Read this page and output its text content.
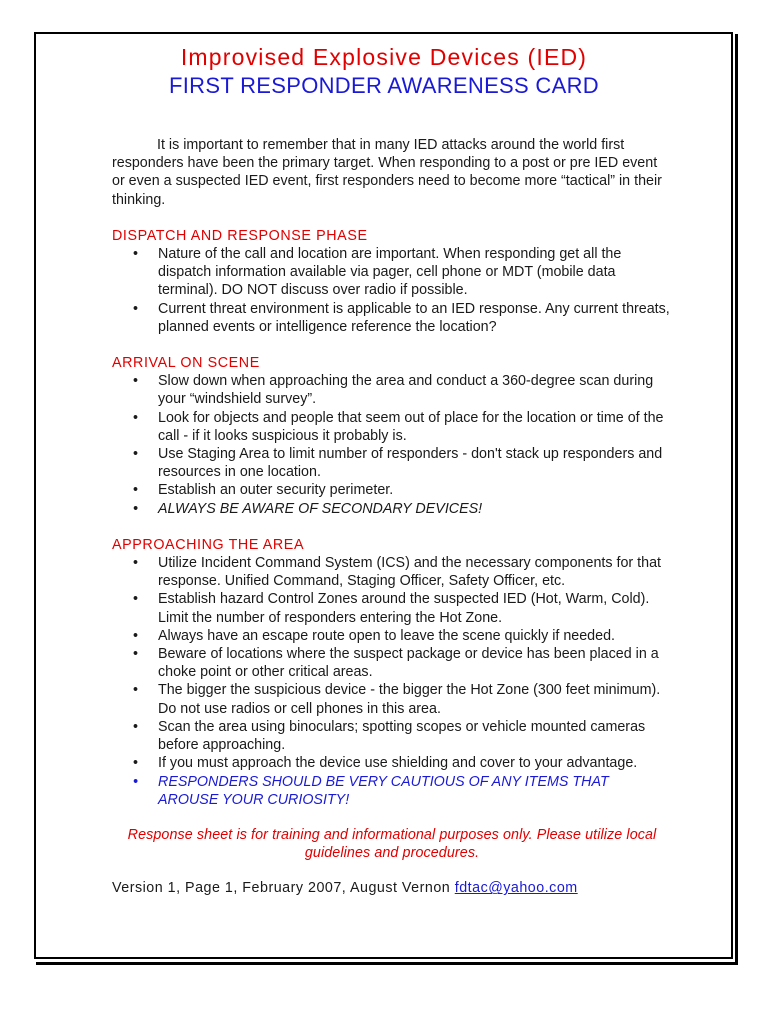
Improvised Explosive Devices (IED)
FIRST RESPONDER AWARENESS CARD

It is important to remember that in many IED attacks around the world first responders have been the primary target. When responding to a post or pre IED event or even a suspected IED event, first responders need to become more “tactical” in their thinking.

DISPATCH AND RESPONSE PHASE
• Nature of the call and location are important. When responding get all the dispatch information available via pager, cell phone or MDT (mobile data terminal). DO NOT discuss over radio if possible.
• Current threat environment is applicable to an IED response. Any current threats, planned events or intelligence reference the location?
ARRIVAL ON SCENE
• Slow down when approaching the area and conduct a 360-degree scan during your “windshield survey”.
• Look for objects and people that seem out of place for the location or time of the call - if it looks suspicious it probably is.
• Use Staging Area to limit number of responders - don't stack up responders and resources in one location.
• Establish an outer security perimeter.
• ALWAYS BE AWARE OF SECONDARY DEVICES!
APPROACHING THE AREA
• Utilize Incident Command System (ICS) and the necessary components for that response. Unified Command, Staging Officer, Safety Officer, etc.
• Establish hazard Control Zones around the suspected IED (Hot, Warm, Cold). Limit the number of responders entering the Hot Zone.
• Always have an escape route open to leave the scene quickly if needed.
• Beware of locations where the suspect package or device has been placed in a choke point or other critical areas.
• The bigger the suspicious device - the bigger the Hot Zone (300 feet minimum). Do not use radios or cell phones in this area.
• Scan the area using binoculars; spotting scopes or vehicle mounted cameras before approaching.
• If you must approach the device use shielding and cover to your advantage.
• RESPONDERS SHOULD BE VERY CAUTIOUS OF ANY ITEMS THAT AROUSE YOUR CURIOSITY!
Response sheet is for training and informational purposes only. Please utilize local guidelines and procedures.
Version 1, Page 1, February 2007, August Vernon fdtac@yahoo.com
